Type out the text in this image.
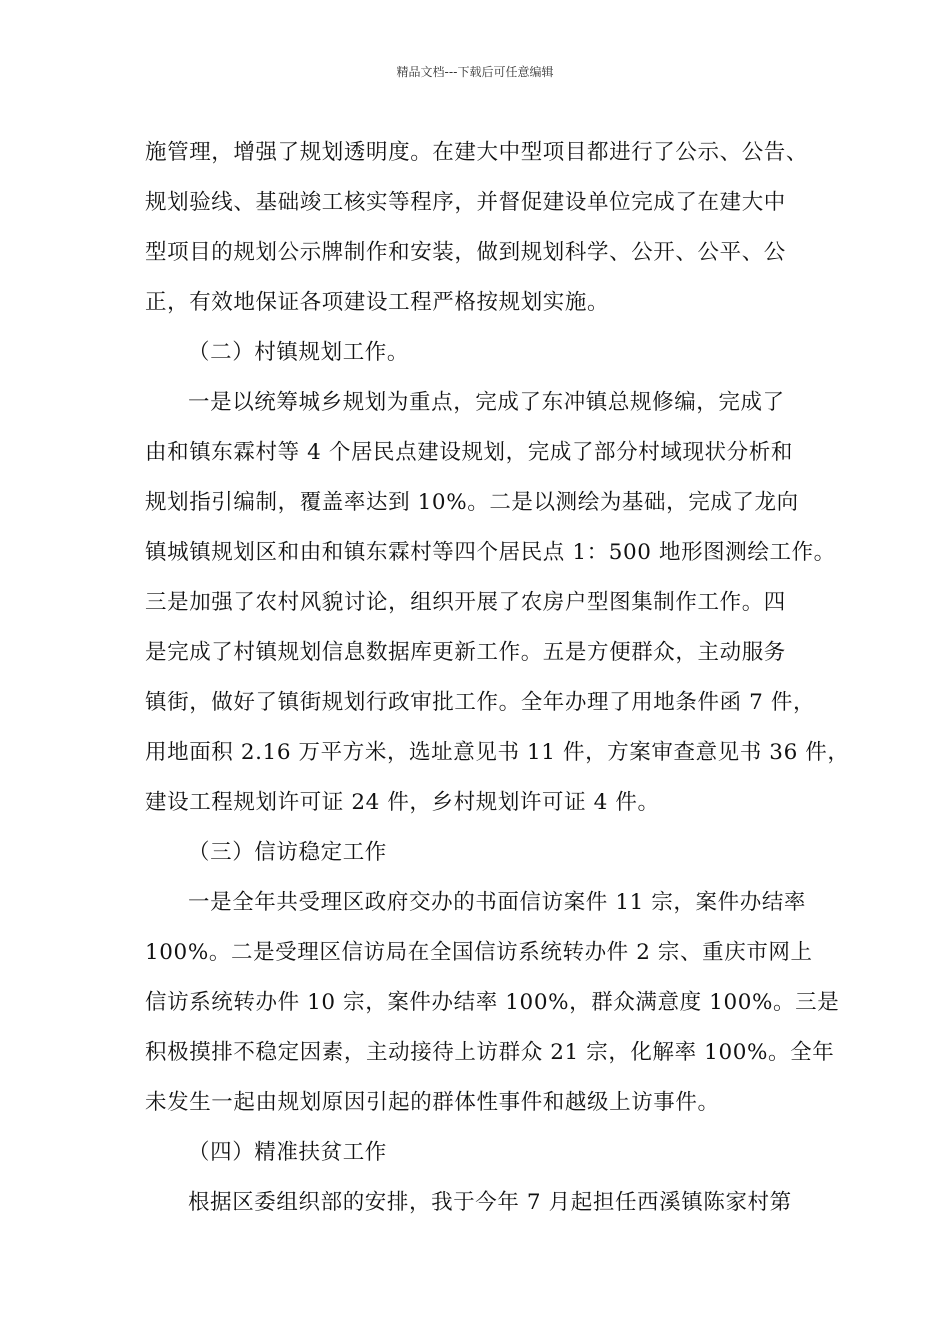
精品文档---下载后可任意编辑
施管理，增强了规划透明度。在建大中型项目都进行了公示、公告、
规划验线、基础竣工核实等程序，并督促建设单位完成了在建大中
型项目的规划公示牌制作和安装，做到规划科学、公开、公平、公
正，有效地保证各项建设工程严格按规划实施。
（二）村镇规划工作。
一是以统筹城乡规划为重点，完成了东冲镇总规修编，完成了
由和镇东霖村等 4 个居民点建设规划，完成了部分村域现状分析和
规划指引编制，覆盖率达到 10%。二是以测绘为基础，完成了龙向
镇城镇规划区和由和镇东霖村等四个居民点 1：500 地形图测绘工作。
三是加强了农村风貌讨论，组织开展了农房户型图集制作工作。四
是完成了村镇规划信息数据库更新工作。五是方便群众，主动服务
镇街，做好了镇街规划行政审批工作。全年办理了用地条件函 7 件，
用地面积 2.16 万平方米，选址意见书 11 件，方案审查意见书 36 件，
建设工程规划许可证 24 件，乡村规划许可证 4 件。
（三）信访稳定工作
一是全年共受理区政府交办的书面信访案件 11 宗，案件办结率
100%。二是受理区信访局在全国信访系统转办件 2 宗、重庆市网上
信访系统转办件 10 宗，案件办结率 100%，群众满意度 100%。三是
积极摸排不稳定因素，主动接待上访群众 21 宗，化解率 100%。全年
未发生一起由规划原因引起的群体性事件和越级上访事件。
（四）精准扶贫工作
根据区委组织部的安排，我于今年 7 月起担任西溪镇陈家村第
